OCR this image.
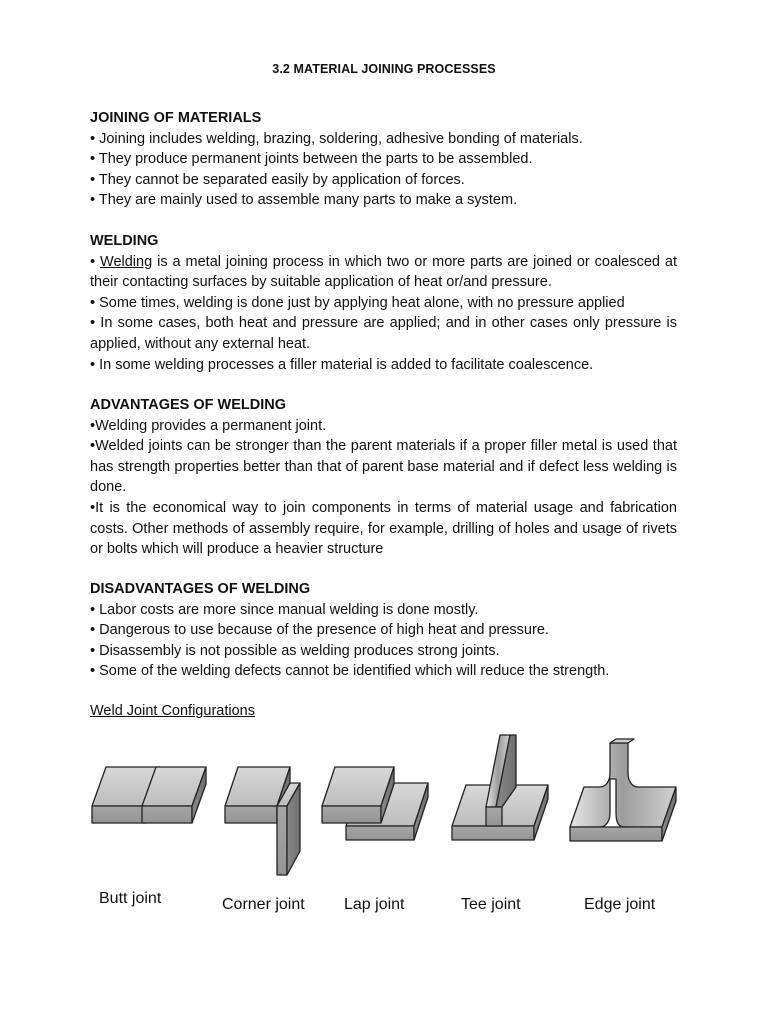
3.2 MATERIAL JOINING PROCESSES
JOINING OF MATERIALS

• Joining includes welding, brazing, soldering, adhesive bonding of materials.

• They produce permanent joints between the parts to be assembled.

• They cannot be separated easily by application of forces.

• They are mainly used to assemble many parts to make a system.

WELDING

• Welding is a metal joining process in which two or more parts are joined or coalesced at their contacting surfaces by suitable application of heat or/and pressure.

• Some times, welding is done just by applying heat alone, with no pressure applied

• In some cases, both heat and pressure are applied; and in other cases only pressure is applied, without any external heat.

• In some welding processes a filler material is added to facilitate coalescence.

ADVANTAGES OF WELDING

•Welding provides a permanent joint.

•Welded joints can be stronger than the parent materials if a proper filler metal is used that has strength properties better than that of parent base material and if defect less welding is done.

•It is the economical way to join components in terms of material usage and fabrication costs. Other methods of assembly require, for example, drilling of holes and usage of rivets or bolts which will produce a heavier structure

DISADVANTAGES OF WELDING

• Labor costs are more since manual welding is done mostly.

• Dangerous to use because of the presence of high heat and pressure.

• Disassembly is not possible as welding produces strong joints.

• Some of the welding defects cannot be identified which will reduce the strength.

Weld Joint Configurations
Butt joint	Corner joint Lap joint	Tee joint	Edge joint
